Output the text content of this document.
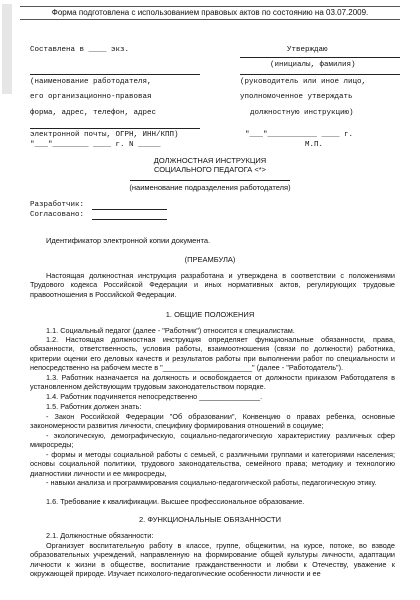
Форма подготовлена с использованием правовых актов по состоянию на 03.07.2009.
Составлена в ____ экз.
(наименование работодателя,
его организационно-правовая
форма, адрес, телефон, адрес
электронной почты, ОГРН, ИНН/КПП)
"___"________ ____ г. N _____
Утверждаю
(инициалы, фамилия)
(руководитель или иное лицо,
уполномоченное утверждать
должностную инструкцию)
"___"___________ ____ г.
М.П.
ДОЛЖНОСТНАЯ ИНСТРУКЦИЯ
СОЦИАЛЬНОГО ПЕДАГОГА <*>
(наименование подразделения работодателя)
Разработчик:
Согласовано:
Идентификатор электронной копии документа.
(ПРЕАМБУЛА)
Настоящая должностная инструкция разработана и утверждена в соответствии с положениями Трудового кодекса Российской Федерации и иных нормативных актов, регулирующих трудовые правоотношения в Российской Федерации.
1. ОБЩИЕ ПОЛОЖЕНИЯ
1.1. Социальный педагог (далее - "Работник") относится к специалистам.
1.2. Настоящая должностная инструкция определяет функциональные обязанности, права, обязанности, ответственность, условия работы, взаимоотношения (связи по должности) работника, критерии оценки его деловых качеств и результатов работы при выполнении работ по специальности и непосредственно на рабочем месте в "______________________" (далее - "Работодатель").
1.3. Работник назначается на должность и освобождается от должности приказом Работодателя в установленном действующим трудовым законодательством порядке.
1.4. Работник подчиняется непосредственно _______________.
1.5. Работник должен знать:
- Закон Российской Федерации "Об образовании", Конвенцию о правах ребенка, основные закономерности развития личности, специфику формирования отношений в социуме;
- экологическую, демографическую, социально-педагогическую характеристику различных сфер микросреды;
- формы и методы социальной работы с семьей, с различными группами и категориями населения; основы социальной политики, трудового законодательства, семейного права; методику и технологию диагностики личности и ее микросреды,
- навыки анализа и программирования социально-педагогической работы, педагогическую этику.
1.6. Требование к квалификации. Высшее профессиональное образование.
2. ФУНКЦИОНАЛЬНЫЕ ОБЯЗАННОСТИ
2.1. Должностные обязанности:
Организует воспитательную работу в классе, группе, общежитии, на курсе, потоке, во взводе образовательных учреждений, направленную на формирование общей культуры личности, адаптации личности к жизни в обществе, воспитание гражданственности и любви к Отечеству, уважение к окружающей природе. Изучает психолого-педагогические особенности личности и ее
